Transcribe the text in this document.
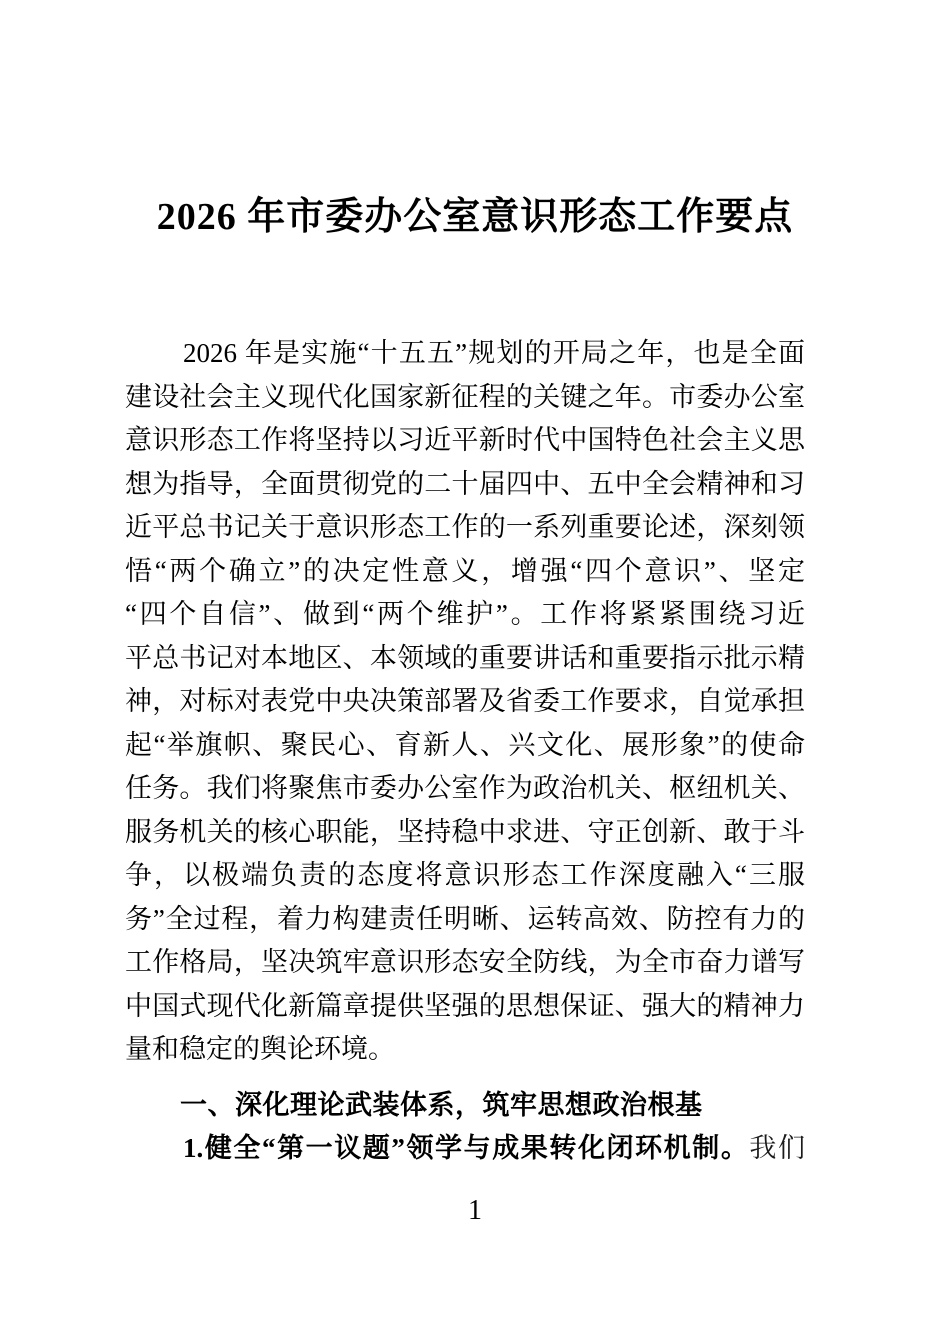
2026 年市委办公室意识形态工作要点
2026 年是实施“十五五”规划的开局之年，也是全面
建设社会主义现代化国家新征程的关键之年。市委办公室
意识形态工作将坚持以习近平新时代中国特色社会主义思
想为指导，全面贯彻党的二十届四中、五中全会精神和习
近平总书记关于意识形态工作的一系列重要论述，深刻领
悟“两个确立”的决定性意义，增强“四个意识”、坚定
“四个自信”、做到“两个维护”。工作将紧紧围绕习近
平总书记对本地区、本领域的重要讲话和重要指示批示精
神，对标对表党中央决策部署及省委工作要求，自觉承担
起“举旗帜、聚民心、育新人、兴文化、展形象”的使命
任务。我们将聚焦市委办公室作为政治机关、枢纽机关、
服务机关的核心职能，坚持稳中求进、守正创新、敢于斗
争，以极端负责的态度将意识形态工作深度融入“三服
务”全过程，着力构建责任明晰、运转高效、防控有力的
工作格局，坚决筑牢意识形态安全防线，为全市奋力谱写
中国式现代化新篇章提供坚强的思想保证、强大的精神力
量和稳定的舆论环境。
一、深化理论武装体系，筑牢思想政治根基

1.健全“第一议题”领学与成果转化闭环机制。我们

1
